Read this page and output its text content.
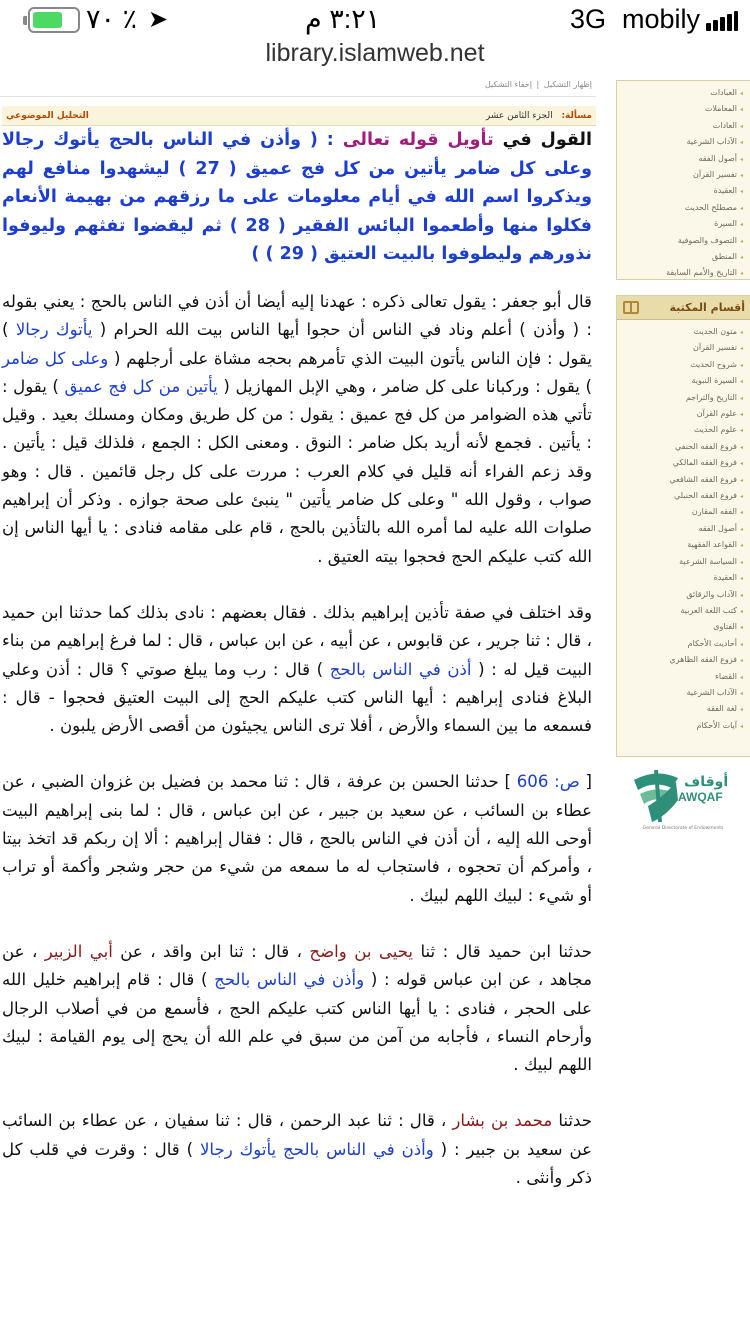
٪ ٧٠ ➤	٣:٢١ م	3G mobily
library.islamweb.net
◂ العبادات
◂ المعاملات
◂ العادات
◂ الآداب الشرعية
◂ أصول الفقه
◂ تفسير القرآن
◂ العقيدة
◂ مصطلح الحديث
◂ السيرة
◂ التصوف والصوفية
◂ المنطق
◂ التاريخ والأمم السابقة
أقسام المكتبة
◂ متون الحديث
◂ تفسير القرآن
◂ شروح الحديث
◂ السيرة النبوية
◂ التاريخ والتراجم
◂ علوم القرآن
◂ علوم الحديث
◂ فروع الفقه الحنفي
◂ فروع الفقه المالكي
◂ فروع الفقه الشافعي
◂ فروع الفقه الحنبلي
◂ الفقه المقارن
◂ أصول الفقه
◂ القواعد الفقهية
◂ السياسة الشرعية
◂ العقيدة
◂ الآداب والرقائق
◂ كتب اللغة العربية
◂ الفتاوى
◂ أحاديث الأحكام
◂ فروع الفقه الظاهري
◂ القضاء
◂ الآداب الشرعية
◂ لغة الفقه
◂ آيات الأحكام
أوقاف
AWQAF
General Directorate of Endowments
إظهار التشكيل | إخفاء التشكيل
مسألة: الجزء الثامن عشر
التحليل الموضوعي
القول في تأويل قوله تعالى : ( وأذن في الناس بالحج يأتوك رجالا وعلى كل ضامر يأتين من كل فج عميق ( 27 ) ليشهدوا منافع لهم ويذكروا اسم الله في أيام معلومات على ما رزقهم من بهيمة الأنعام فكلوا منها وأطعموا البائس الفقير ( 28 ) ثم ليقضوا تفثهم وليوفوا نذورهم وليطوفوا بالبيت العتيق ( 29 ) )

قال أبو جعفر : يقول تعالى ذكره : عهدنا إليه أيضا أن أذن في الناس بالحج : يعني بقوله : ( وأذن ) أعلم وناد في الناس أن حجوا أيها الناس بيت الله الحرام ( يأتوك رجالا ) يقول : فإن الناس يأتون البيت الذي تأمرهم بحجه مشاة على أرجلهم ( وعلى كل ضامر ) يقول : وركبانا على كل ضامر ، وهي الإبل المهازيل ( يأتين من كل فج عميق ) يقول : تأتي هذه الضوامر من كل فج عميق : يقول : من كل طريق ومكان ومسلك بعيد . وقيل : يأتين . فجمع لأنه أريد بكل ضامر : النوق . ومعنى الكل : الجمع ، فلذلك قيل : يأتين . وقد زعم الفراء أنه قليل في كلام العرب : مررت على كل رجل قائمين . قال : وهو صواب ، وقول الله " وعلى كل ضامر يأتين " ينبئ على صحة جوازه . وذكر أن إبراهيم صلوات الله عليه لما أمره الله بالتأذين بالحج ، قام على مقامه فنادى : يا أيها الناس إن الله كتب عليكم الحج فحجوا بيته العتيق .

وقد اختلف في صفة تأذين إبراهيم بذلك . فقال بعضهم : نادى بذلك كما حدثنا ابن حميد ، قال : ثنا جرير ، عن قابوس ، عن أبيه ، عن ابن عباس ، قال : لما فرغ إبراهيم من بناء البيت قيل له : ( أذن في الناس بالحج ) قال : رب وما يبلغ صوتي ؟ قال : أذن وعلي البلاغ فنادى إبراهيم : أيها الناس كتب عليكم الحج إلى البيت العتيق فحجوا - قال : فسمعه ما بين السماء والأرض ، أفلا ترى الناس يجيئون من أقصى الأرض يلبون .

[ ص: 606 ] حدثنا الحسن بن عرفة ، قال : ثنا محمد بن فضيل بن غزوان الضبي ، عن عطاء بن السائب ، عن سعيد بن جبير ، عن ابن عباس ، قال : لما بنى إبراهيم البيت أوحى الله إليه ، أن أذن في الناس بالحج ، قال : فقال إبراهيم : ألا إن ربكم قد اتخذ بيتا ، وأمركم أن تحجوه ، فاستجاب له ما سمعه من شيء من حجر وشجر وأكمة أو تراب أو شيء : لبيك اللهم لبيك .

حدثنا ابن حميد قال : ثنا يحيى بن واضح ، قال : ثنا ابن واقد ، عن أبي الزبير ، عن مجاهد ، عن ابن عباس قوله : ( وأذن في الناس بالحج ) قال : قام إبراهيم خليل الله على الحجر ، فنادى : يا أيها الناس كتب عليكم الحج ، فأسمع من في أصلاب الرجال وأرحام النساء ، فأجابه من آمن من سبق في علم الله أن يحج إلى يوم القيامة : لبيك اللهم لبيك .

حدثنا محمد بن بشار ، قال : ثنا عبد الرحمن ، قال : ثنا سفيان ، عن عطاء بن السائب عن سعيد بن جبير : ( وأذن في الناس بالحج يأتوك رجالا ) قال : وقرت في قلب كل ذكر وأنثى .
